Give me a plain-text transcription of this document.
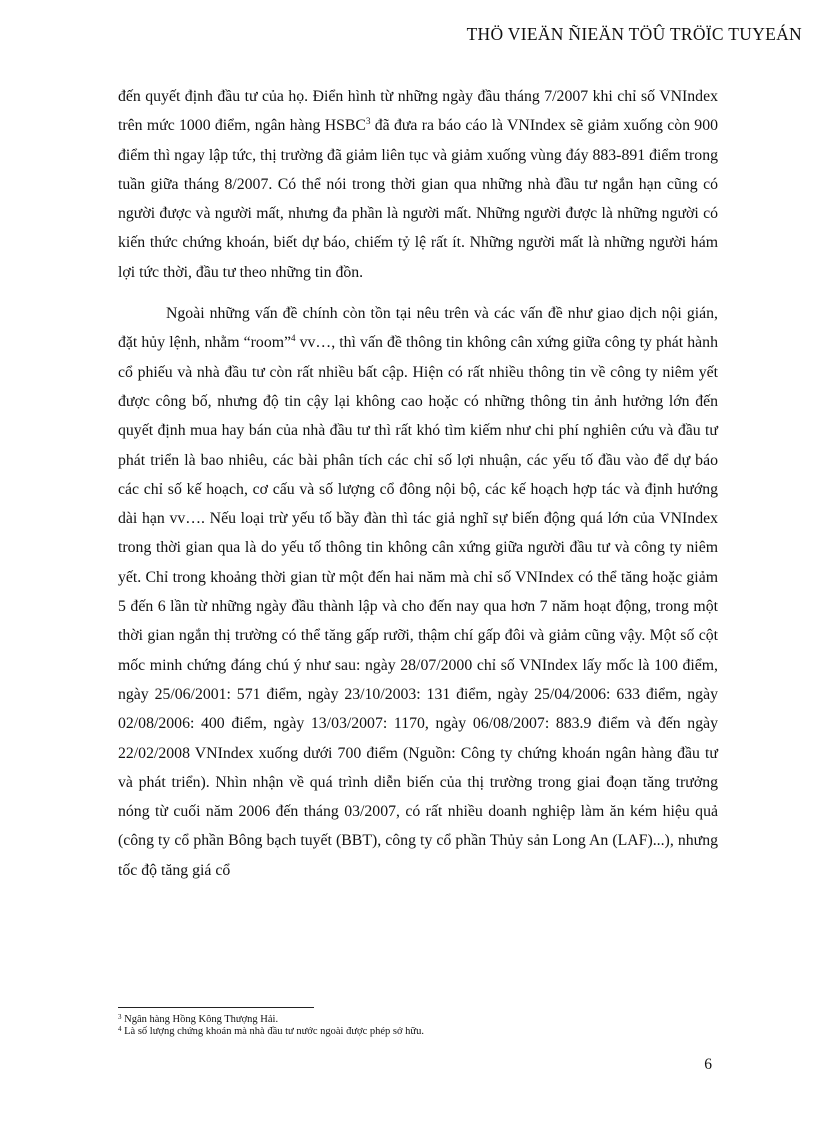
THÖ VIEÄN ÑIEÄN TÖÛ TRÖÏC TUYEÁN

đến quyết định đầu tư của họ. Điển hình từ những ngày đầu tháng 7/2007 khi chỉ số VNIndex trên mức 1000 điểm, ngân hàng HSBC$^3$ đã đưa ra báo cáo là VNIndex sẽ giảm xuống còn 900 điểm thì ngay lập tức, thị trường đã giảm liên tục và giảm xuống vùng đáy 883-891 điểm trong tuần giữa tháng 8/2007. Có thể nói trong thời gian qua những nhà đầu tư ngắn hạn cũng có người được và người mất, nhưng đa phần là người mất. Những người được là những người có kiến thức chứng khoán, biết dự báo, chiếm tỷ lệ rất ít. Những người mất là những người hám lợi tức thời, đầu tư theo những tin đồn.

Ngoài những vấn đề chính còn tồn tại nêu trên và các vấn đề như giao dịch nội gián, đặt hủy lệnh, nhằm “room”$^4$ vv…, thì vấn đề thông tin không cân xứng giữa công ty phát hành cổ phiếu và nhà đầu tư còn rất nhiều bất cập. Hiện có rất nhiều thông tin về công ty niêm yết được công bố, nhưng độ tin cậy lại không cao hoặc có những thông tin ảnh hưởng lớn đến quyết định mua hay bán của nhà đầu tư thì rất khó tìm kiếm như chi phí nghiên cứu và đầu tư phát triển là bao nhiêu, các bài phân tích các chỉ số lợi nhuận, các yếu tố đầu vào để dự báo các chỉ số kế hoạch, cơ cấu và số lượng cổ đông nội bộ, các kế hoạch hợp tác và định hướng dài hạn vv…. Nếu loại trừ yếu tố bầy đàn thì tác giả nghĩ sự biến động quá lớn của VNIndex trong thời gian qua là do yếu tố thông tin không cân xứng giữa người đầu tư và công ty niêm yết. Chỉ trong khoảng thời gian từ một đến hai năm mà chỉ số VNIndex có thể tăng hoặc giảm 5 đến 6 lần từ những ngày đầu thành lập và cho đến nay qua hơn 7 năm hoạt động, trong một thời gian ngắn thị trường có thể tăng gấp rưỡi, thậm chí gấp đôi và giảm cũng vậy. Một số cột mốc minh chứng đáng chú ý như sau: ngày 28/07/2000 chỉ số VNIndex lấy mốc là 100 điểm, ngày 25/06/2001: 571 điểm, ngày 23/10/2003: 131 điểm, ngày 25/04/2006: 633 điểm, ngày 02/08/2006: 400 điểm, ngày 13/03/2007: 1170, ngày 06/08/2007: 883.9 điểm và đến ngày 22/02/2008 VNIndex xuống dưới 700 điểm (Nguồn: Công ty chứng khoán ngân hàng đầu tư và phát triển). Nhìn nhận về quá trình diễn biến của thị trường trong giai đoạn tăng trưởng nóng từ cuối năm 2006 đến tháng 03/2007, có rất nhiều doanh nghiệp làm ăn kém hiệu quả (công ty cổ phần Bông bạch tuyết (BBT), công ty cổ phần Thủy sản Long An (LAF)...), nhưng tốc độ tăng giá cổ

$^3$ Ngân hàng Hồng Kông Thượng Hải.
$^4$ Là số lượng chứng khoán mà nhà đầu tư nước ngoài được phép sở hữu.
6
